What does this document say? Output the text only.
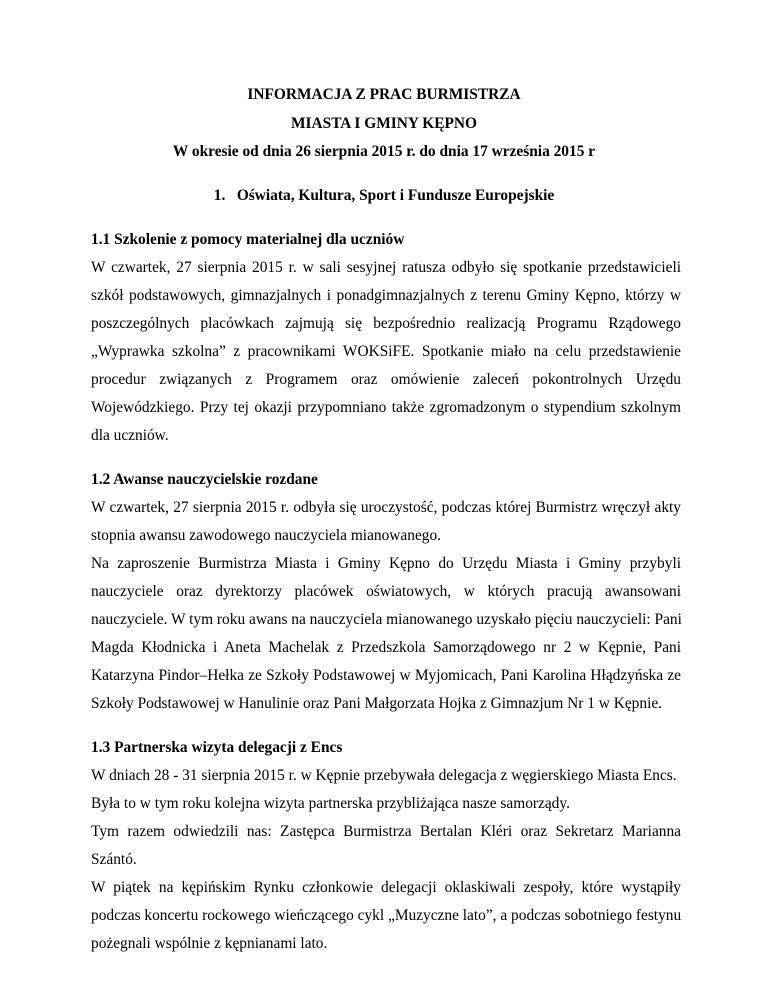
INFORMACJA Z PRAC BURMISTRZA
MIASTA I GMINY KĘPNO
W okresie od dnia 26 sierpnia 2015 r. do dnia 17 września 2015 r
1.   Oświata, Kultura, Sport i Fundusze Europejskie
1.1 Szkolenie z pomocy materialnej dla uczniów
W czwartek, 27 sierpnia 2015 r. w sali sesyjnej ratusza odbyło się spotkanie przedstawicieli
szkół podstawowych, gimnazjalnych i ponadgimnazjalnych z terenu Gminy Kępno, którzy w
poszczególnych placówkach zajmują się bezpośrednio realizacją Programu Rządowego
„Wyprawka szkolna” z pracownikami WOKSiFE. Spotkanie miało na celu przedstawienie
procedur związanych z Programem oraz omówienie zaleceń pokontrolnych Urzędu
Wojewódzkiego. Przy tej okazji przypomniano także zgromadzonym o stypendium szkolnym
dla uczniów.
1.2 Awanse nauczycielskie rozdane
W czwartek, 27 sierpnia 2015 r. odbyła się uroczystość, podczas której Burmistrz wręczył akty
stopnia awansu zawodowego nauczyciela mianowanego.
Na zaproszenie Burmistrza Miasta i Gminy Kępno do Urzędu Miasta i Gminy przybyli
nauczyciele oraz dyrektorzy placówek oświatowych, w których pracują awansowani
nauczyciele. W tym roku awans na nauczyciela mianowanego uzyskało pięciu nauczycieli: Pani
Magda Kłodnicka i Aneta Machelak z Przedszkola Samorządowego nr 2 w Kępnie, Pani
Katarzyna Pindor–Hełka ze Szkoły Podstawowej w Myjomicach, Pani Karolina Hłądzyńska ze
Szkoły Podstawowej w Hanulinie oraz Pani Małgorzata Hojka z Gimnazjum Nr 1 w Kępnie.
1.3 Partnerska wizyta delegacji z Encs
W dniach 28 - 31 sierpnia 2015 r. w Kępnie przebywała delegacja z węgierskiego Miasta Encs.
Była to w tym roku kolejna wizyta partnerska przybliżająca nasze samorządy.
Tym razem odwiedzili nas: Zastępca Burmistrza Bertalan Kléri oraz Sekretarz Marianna
Szántó.
W piątek na kępińskim Rynku członkowie delegacji oklaskiwali zespoły, które wystąpiły
podczas koncertu rockowego wieńczącego cykl „Muzyczne lato”, a podczas sobotniego festynu
pożegnali wspólnie z kępnianami lato.
